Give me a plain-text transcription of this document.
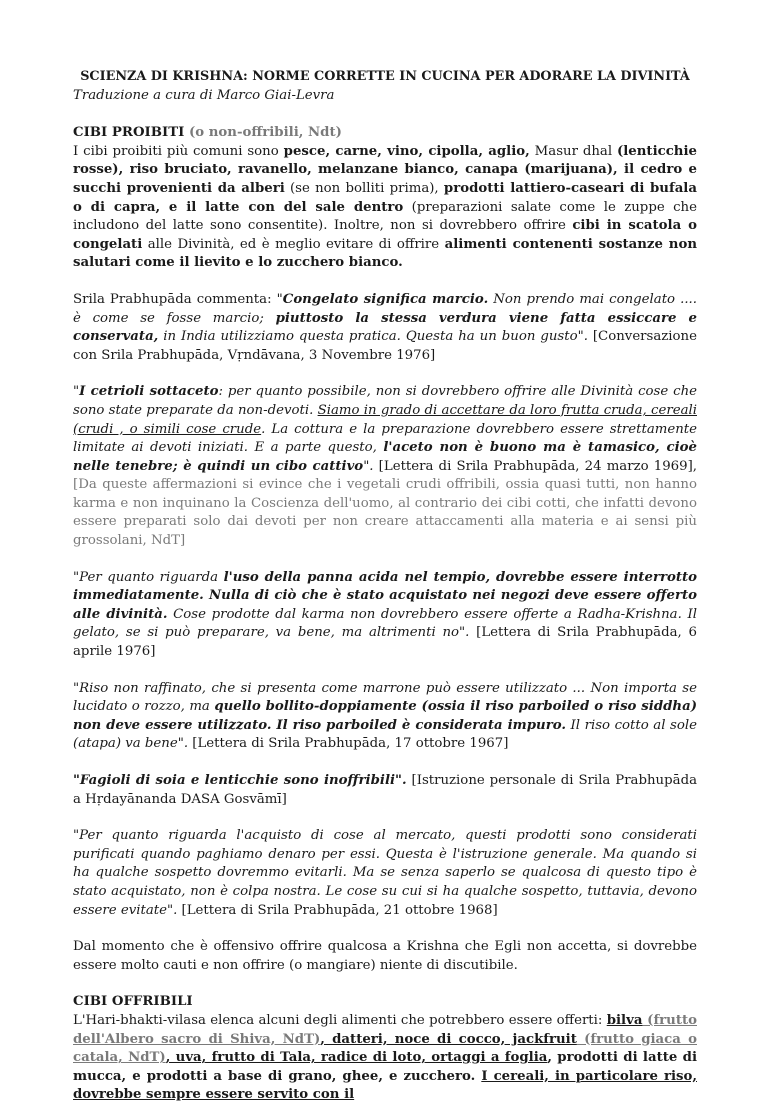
SCIENZA DI KRISHNA: NORME CORRETTE IN CUCINA PER ADORARE LA DIVINITÀ

Traduzione a cura di Marco Giai-Levra

CIBI PROIBITI (o non-offribili, Ndt)
I cibi proibiti più comuni sono pesce, carne, vino, cipolla, aglio, Masur dhal (lenticchie rosse), riso bruciato, ravanello, melanzane bianco, canapa (marijuana), il cedro e succhi provenienti da alberi (se non bolliti prima), prodotti lattiero-caseari di bufala o di capra, e il latte con del sale dentro (preparazioni salate come le zuppe che includono del latte sono consentite). Inoltre, non si dovrebbero offrire cibi in scatola o congelati alle Divinità, ed è meglio evitare di offrire alimenti contenenti sostanze non salutari come il lievito e lo zucchero bianco.

Srila Prabhupāda commenta: "Congelato significa marcio. Non prendo mai congelato .... è come se fosse marcio; piuttosto la stessa verdura viene fatta essiccare e conservata, in India utilizziamo questa pratica. Questa ha un buon gusto". [Conversazione con Srila Prabhupāda, Vṛndāvana, 3 Novembre 1976]

"I cetrioli sottaceto: per quanto possibile, non si dovrebbero offrire alle Divinità cose che sono state preparate da non-devoti. Siamo in grado di accettare da loro frutta cruda, cereali (crudi , o simili cose crude. La cottura e la preparazione dovrebbero essere strettamente limitate ai devoti iniziati. E a parte questo, l'aceto non è buono ma è tamasico, cioè nelle tenebre; è quindi un cibo cattivo". [Lettera di Srila Prabhupāda, 24 marzo 1969], [Da queste affermazioni si evince che i vegetali crudi offribili, ossia quasi tutti, non hanno karma e non inquinano la Coscienza dell'uomo, al contrario dei cibi cotti, che infatti devono essere preparati solo dai devoti per non creare attaccamenti alla materia e ai sensi più grossolani, NdT]

"Per quanto riguarda l'uso della panna acida nel tempio, dovrebbe essere interrotto immediatamente. Nulla di ciò che è stato acquistato nei negozi deve essere offerto alle divinità. Cose prodotte dal karma non dovrebbero essere offerte a Radha-Krishna. Il gelato, se si può preparare, va bene, ma altrimenti no". [Lettera di Srila Prabhupāda, 6 aprile 1976]

"Riso non raffinato, che si presenta come marrone può essere utilizzato ... Non importa se lucidato o rozzo, ma quello bollito-doppiamente (ossia il riso parboiled o riso siddha) non deve essere utilizzato. Il riso parboiled è considerata impuro. Il riso cotto al sole (atapa) va bene". [Lettera di Srila Prabhupāda, 17 ottobre 1967]

"Fagioli di soia e lenticchie sono inoffribili". [Istruzione personale di Srila Prabhupāda a Hṛdayānanda DASA Gosvāmī]

"Per quanto riguarda l'acquisto di cose al mercato, questi prodotti sono considerati purificati quando paghiamo denaro per essi. Questa è l'istruzione generale. Ma quando si ha qualche sospetto dovremmo evitarli. Ma se senza saperlo se qualcosa di questo tipo è stato acquistato, non è colpa nostra. Le cose su cui si ha qualche sospetto, tuttavia, devono essere evitate". [Lettera di Srila Prabhupāda, 21 ottobre 1968]

Dal momento che è offensivo offrire qualcosa a Krishna che Egli non accetta, si dovrebbe essere molto cauti e non offrire (o mangiare) niente di discutibile.

CIBI OFFRIBILI
L'Hari-bhakti-vilasa elenca alcuni degli alimenti che potrebbero essere offerti: bilva (frutto dell'Albero sacro di Shiva, NdT), datteri, noce di cocco, jackfruit (frutto giaca o catala, NdT), uva, frutto di Tala, radice di loto, ortaggi a foglia, prodotti di latte di mucca, e prodotti a base di grano, ghee, e zucchero. I cereali, in particolare riso, dovrebbe sempre essere servito con il
